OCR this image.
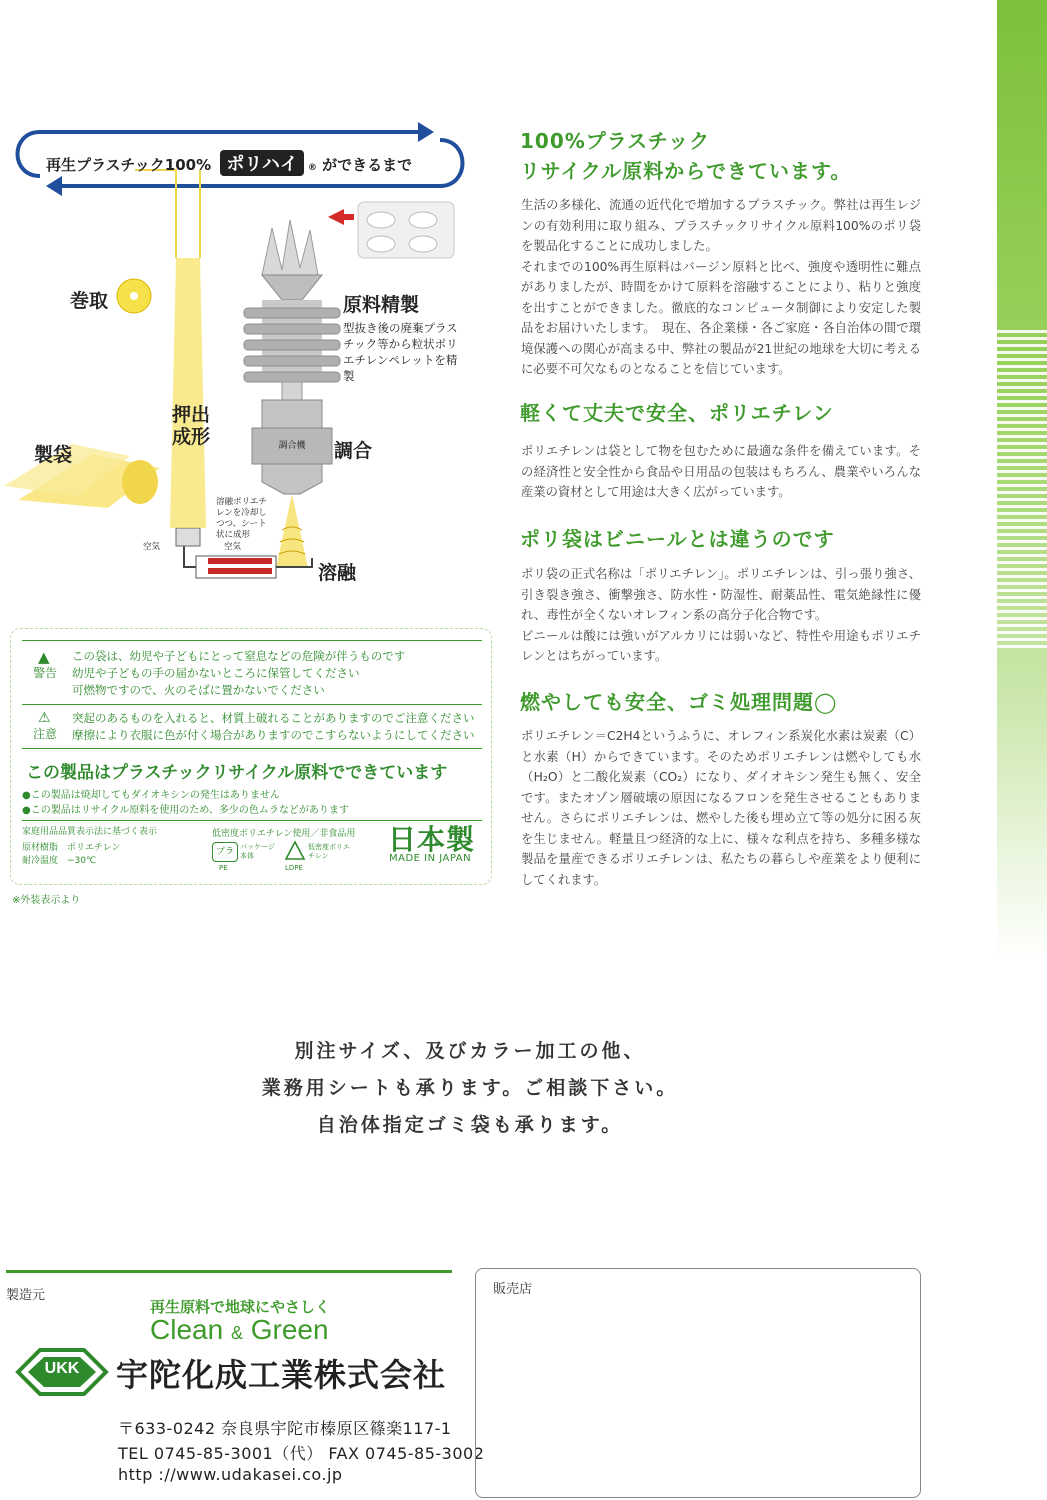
再生プラスチック100% ポリハイ ® ができるまで
巻取	原料精製
型抜き後の廃棄プラスチック等から粒状ポリエチレンペレットを精製
押出成形
製袋	調合
調合機
溶融ポリエチレンを冷却しつつ、シート状に成形
空気	空気
溶融
▲
警告
この袋は、幼児や子どもにとって窒息などの危険が伴うものです
幼児や子どもの手の届かないところに保管してください
可燃物ですので、火のそばに置かないでください
⚠
注意
突起のあるものを入れると、材質上破れることがありますのでご注意ください
摩擦により衣服に色が付く場合がありますのでこすらないようにしてください
この製品はプラスチックリサイクル原料でできています
●この製品は焼却してもダイオキシンの発生はありません
●この製品はリサイクル原料を使用のため、多少の色ムラなどがあります
家庭用品品質表示法に基づく表示
原材樹脂　ポリエチレン
耐冷温度　−30℃
低密度ポリエチレン使用／非食品用
プラ パッケージ本体
PE
低密度ポリエチレン
LDPE
日本製
MADE IN JAPAN
※外装表示より
100%プラスチック
リサイクル原料からできています。
生活の多様化、流通の近代化で増加するプラスチック。弊社は再生レジンの有効利用に取り組み、プラスチックリサイクル原料100%のポリ袋を製品化することに成功しました。
それまでの100%再生原料はバージン原料と比べ、強度や透明性に難点がありましたが、時間をかけて原料を溶融することにより、粘りと強度を出すことができました。徹底的なコンピュータ制御により安定した製品をお届けいたします。　現在、各企業様・各ご家庭・各自治体の間で環境保護への関心が高まる中、弊社の製品が21世紀の地球を大切に考えるに必要不可欠なものとなることを信じています。
軽くて丈夫で安全、ポリエチレン
ポリエチレンは袋として物を包むために最適な条件を備えています。その経済性と安全性から食品や日用品の包装はもちろん、農業やいろんな産業の資材として用途は大きく広がっています。
ポリ袋はビニールとは違うのです
ポリ袋の正式名称は「ポリエチレン」。ポリエチレンは、引っ張り強さ、引き裂き強さ、衝撃強さ、防水性・防湿性、耐薬品性、電気絶縁性に優れ、毒性が全くないオレフィン系の高分子化合物です。
ビニールは酸には強いがアルカリには弱いなど、特性や用途もポリエチレンとはちがっています。
燃やしても安全、ゴミ処理問題◯
ポリエチレン＝C2H4というふうに、オレフィン系炭化水素は炭素（C）と水素（H）からできています。そのためポリエチレンは燃やしても水（H₂O）と二酸化炭素（CO₂）になり、ダイオキシン発生も無く、安全です。またオゾン層破壊の原因になるフロンを発生させることもありません。さらにポリエチレンは、燃やした後も埋め立て等の処分に困る灰を生じません。軽量且つ経済的な上に、様々な利点を持ち、多種多様な製品を量産できるポリエチレンは、私たちの暮らしや産業をより便利にしてくれます。
別注サイズ、及びカラー加工の他、
業務用シートも承ります。ご相談下さい。
自治体指定ゴミ袋も承ります。
製造元
再生原料で地球にやさしく
Clean & Green
UKK	宇陀化成工業株式会社
〒633-0242 奈良県宇陀市榛原区篠楽117-1
TEL 0745-85-3001（代） FAX 0745-85-3002
http ://www.udakasei.co.jp
販売店
